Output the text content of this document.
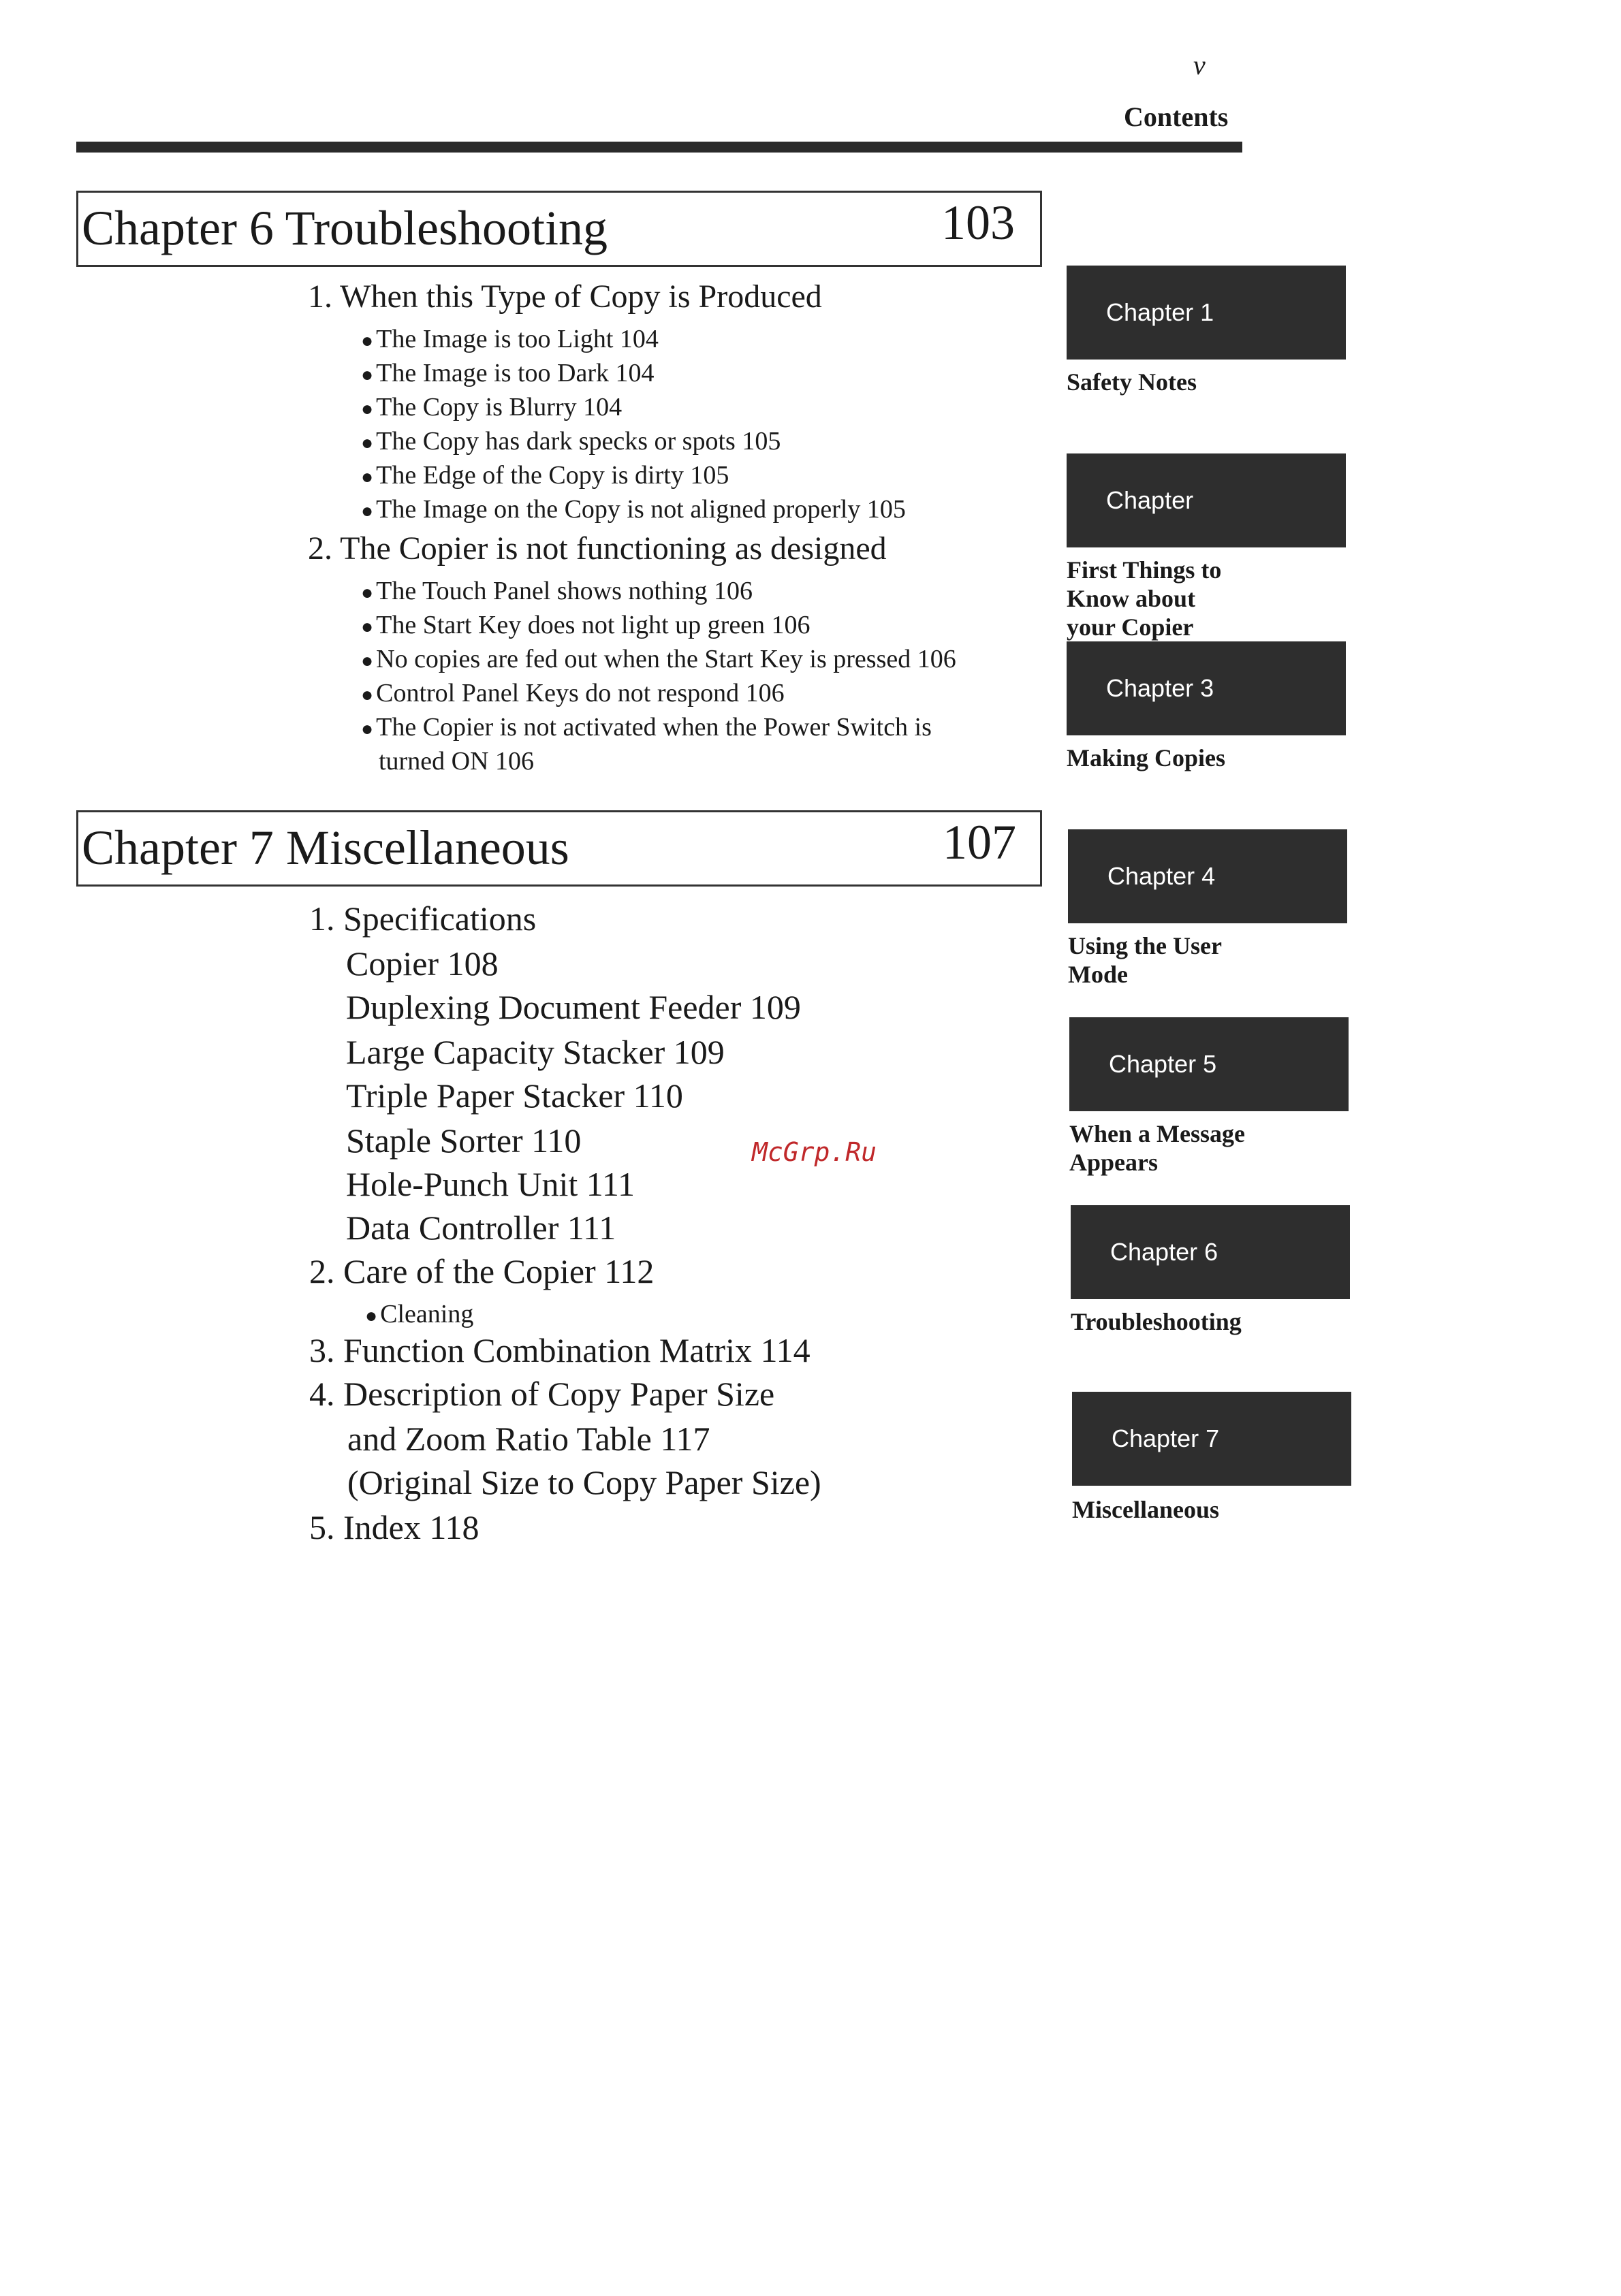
v
Contents
Chapter 6 Troubleshooting	103
1. When this Type of Copy is Produced
● The Image is too Light 104
● The Image is too Dark 104
● The Copy is Blurry 104
● The Copy has dark specks or spots 105
● The Edge of the Copy is dirty 105
● The Image on the Copy is not aligned properly 105
2. The Copier is not functioning as designed
● The Touch Panel shows nothing 106
● The Start Key does not light up green 106
● No copies are fed out when the Start Key is pressed 106
● Control Panel Keys do not respond 106
● The Copier is not activated when the Power Switch is
turned ON 106
Chapter 7 Miscellaneous	107
1. Specifications
Copier 108
Duplexing Document Feeder 109
Large Capacity Stacker 109
Triple Paper Stacker 110
Staple Sorter 110
Hole-Punch Unit 111
Data Controller 111
2. Care of the Copier 112
● Cleaning
3. Function Combination Matrix 114
4. Description of Copy Paper Size
and Zoom Ratio Table 117
(Original Size to Copy Paper Size)
5. Index 118
Chapter 1
Safety Notes
Chapter
First Things to
Know about
your Copier
Chapter 3
Making Copies
Chapter 4
Using the User
Mode
Chapter 5
When a Message
Appears
Chapter 6
Troubleshooting
Chapter 7
Miscellaneous
McGrp.Ru
